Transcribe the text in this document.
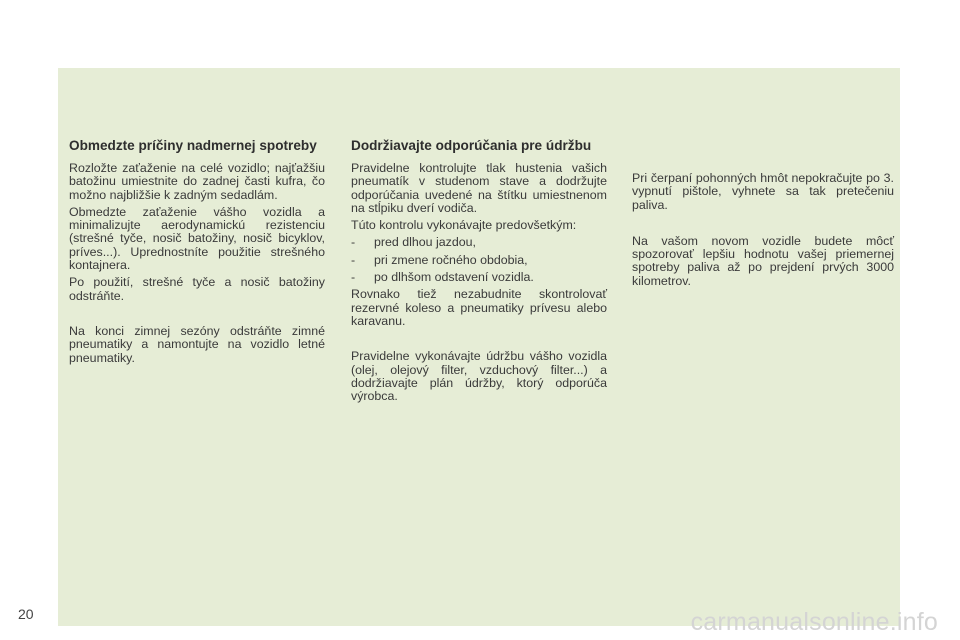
Obmedzte príčiny nadmernej spotreby

Rozložte zaťaženie na celé vozidlo; najťažšiu batožinu umiestnite do zadnej časti kufra, čo možno najbližšie k zadným sedadlám.

Obmedzte zaťaženie vášho vozidla a minimalizujte aerodynamickú rezistenciu (strešné tyče, nosič batožiny, nosič bicyklov, príves...). Uprednostníte použitie strešného kontajnera.

Po použití, strešné tyče a nosič batožiny odstráňte.

Na konci zimnej sezóny odstráňte zimné pneumatiky a namontujte na vozidlo letné pneumatiky.

Dodržiavajte odporúčania pre údržbu

Pravidelne kontrolujte tlak hustenia vašich pneumatík v studenom stave a dodržujte odporúčania uvedené na štítku umiestnenom na stĺpiku dverí vodiča.

Túto kontrolu vykonávajte predovšetkým:

- pred dlhou jazdou,
- pri zmene ročného obdobia,
- po dlhšom odstavení vozidla.

Rovnako tiež nezabudnite skontrolovať rezervné koleso a pneumatiky prívesu alebo karavanu.

Pravidelne vykonávajte údržbu vášho vozidla (olej, olejový filter, vzduchový filter...) a dodržiavajte plán údržby, ktorý odporúča výrobca.

Pri čerpaní pohonných hmôt nepokračujte po 3. vypnutí pištole, vyhnete sa tak pretečeniu paliva.

Na vašom novom vozidle budete môcť spozorovať lepšiu hodnotu vašej priemernej spotreby paliva až po prejdení prvých 3000 kilometrov.

20	carmanualsonline.info
